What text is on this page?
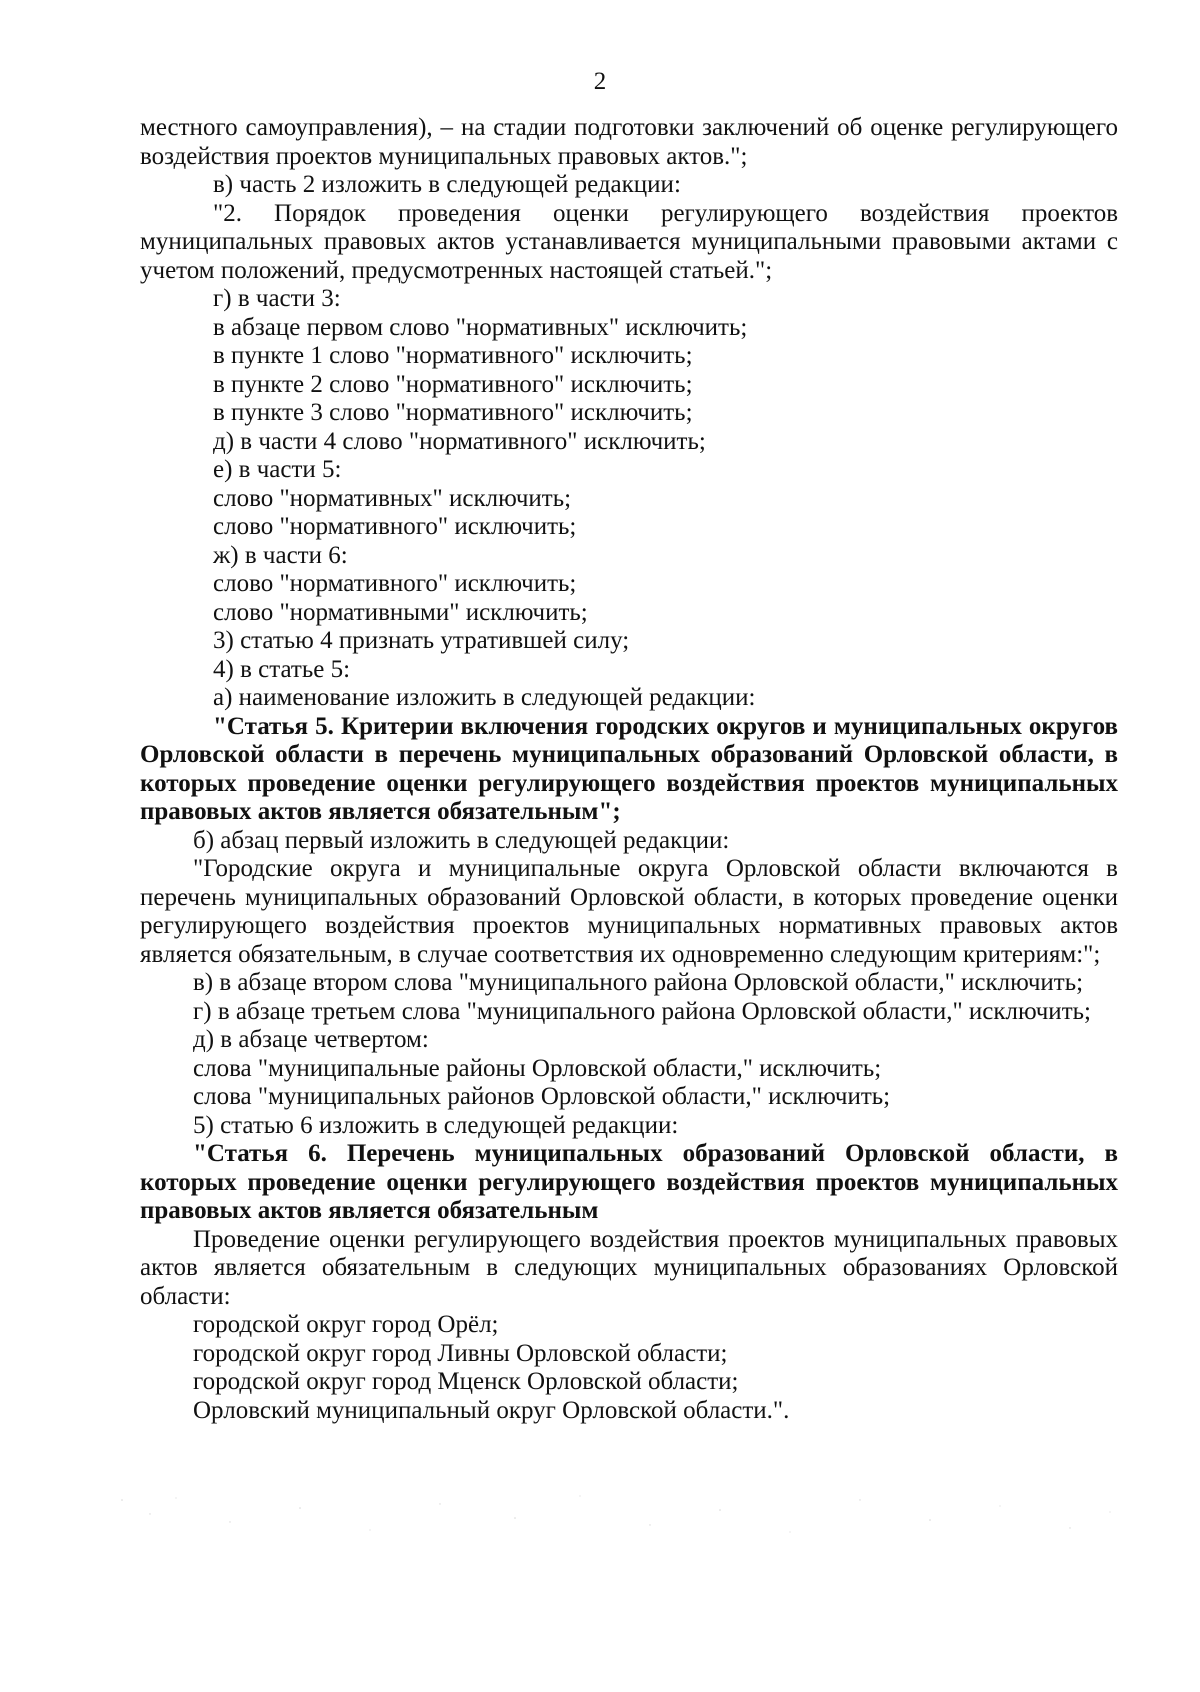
2

местного самоуправления), – на стадии подготовки заключений об оценке регулирующего воздействия проектов муниципальных правовых актов.";

в) часть 2 изложить в следующей редакции:

"2. Порядок проведения оценки регулирующего воздействия проектов муниципальных правовых актов устанавливается муниципальными правовыми актами с учетом положений, предусмотренных настоящей статьей.";

г) в части 3:

в абзаце первом слово "нормативных" исключить;

в пункте 1 слово "нормативного" исключить;

в пункте 2 слово "нормативного" исключить;

в пункте 3 слово "нормативного" исключить;

д) в части 4 слово "нормативного" исключить;

е) в части 5:

слово "нормативных" исключить;

слово "нормативного" исключить;

ж) в части 6:

слово "нормативного" исключить;

слово "нормативными" исключить;

3) статью 4 признать утратившей силу;

4) в статье 5:

а) наименование изложить в следующей редакции:

"Статья 5. Критерии включения городских округов и муниципальных округов Орловской области в перечень муниципальных образований Орловской области, в которых проведение оценки регулирующего воздействия проектов муниципальных правовых актов является обязательным";

б) абзац первый изложить в следующей редакции:

"Городские округа и муниципальные округа Орловской области включаются в перечень муниципальных образований Орловской области, в которых проведение оценки регулирующего воздействия проектов муниципальных нормативных правовых актов является обязательным, в случае соответствия их одновременно следующим критериям:";

в) в абзаце втором слова "муниципального района Орловской области," исключить;

г) в абзаце третьем слова "муниципального района Орловской области," исключить;

д) в абзаце четвертом:

слова "муниципальные районы Орловской области," исключить;

слова "муниципальных районов Орловской области," исключить;

5) статью 6 изложить в следующей редакции:

"Статья 6. Перечень муниципальных образований Орловской области, в которых проведение оценки регулирующего воздействия проектов муниципальных правовых актов является обязательным

Проведение оценки регулирующего воздействия проектов муниципальных правовых актов является обязательным в следующих муниципальных образованиях Орловской области:

городской округ город Орёл;

городской округ город Ливны Орловской области;

городской округ город Мценск Орловской области;

Орловский муниципальный округ Орловской области.".
